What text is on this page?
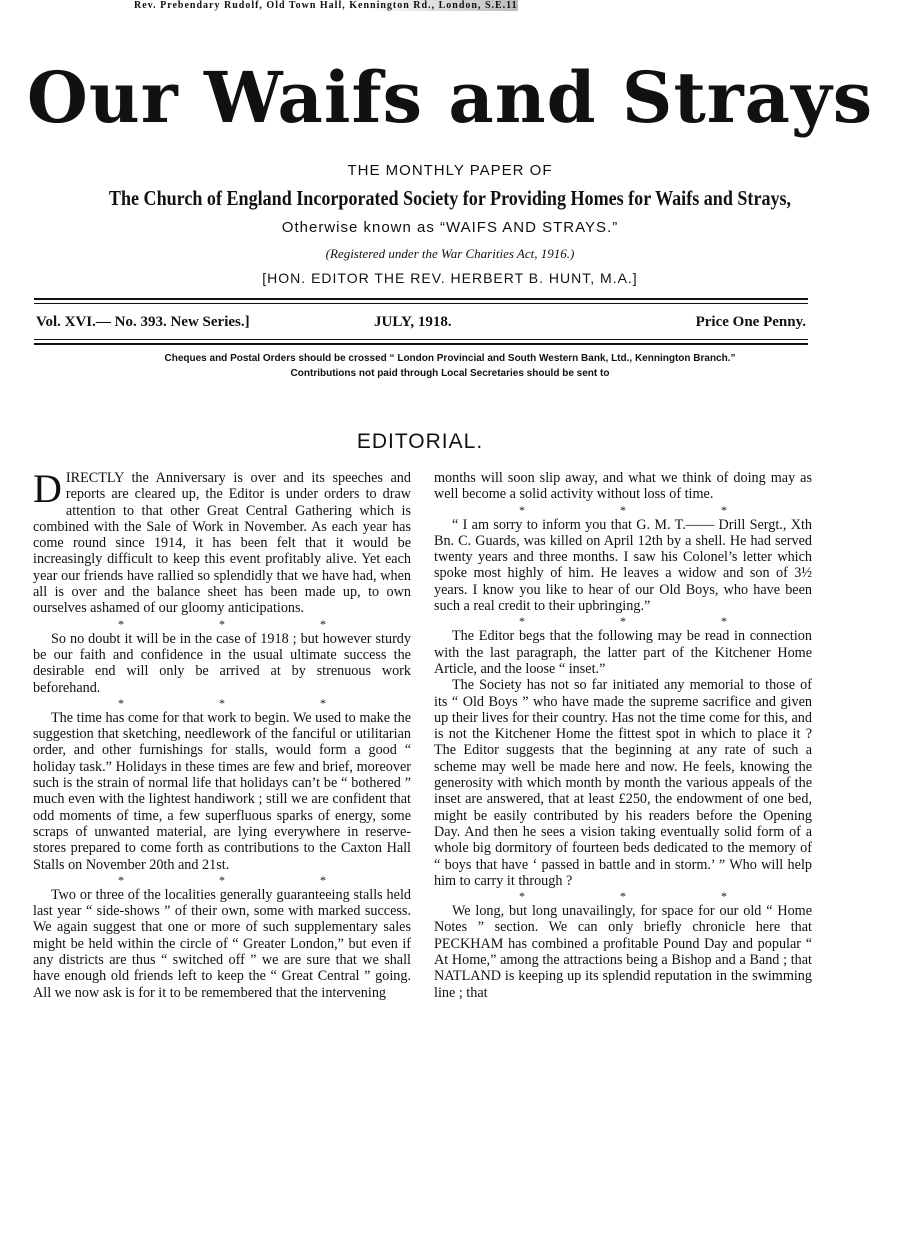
Our Waifs and Strays
THE MONTHLY PAPER OF
The Church of England Incorporated Society for Providing Homes for Waifs and Strays,
Otherwise known as “WAIFS AND STRAYS.”
(Registered under the War Charities Act, 1916.)
[HON. EDITOR THE REV. HERBERT B. HUNT, M.A.]
Vol. XVI.— No. 393. New Series.]	JULY, 1918.	Price One Penny.
Cheques and Postal Orders should be crossed “ London Provincial and South Western Bank, Ltd., Kennington Branch.”
Contributions not paid through Local Secretaries should be sent to
Rev. Prebendary Rudolf, Old Town Hall, Kennington Rd., London, S.E.11
EDITORIAL.

DIRECTLY the Anniversary is over and its speeches and reports are cleared up, the Editor is under orders to draw attention to that other Great Central Gathering which is combined with the Sale of Work in November. As each year has come round since 1914, it has been felt that it would be increasingly difficult to keep this event profitably alive. Yet each year our friends have rallied so splendidly that we have had, when all is over and the balance sheet has been made up, to own ourselves ashamed of our gloomy anticipations.

* * *

So no doubt it will be in the case of 1918 ; but however sturdy be our faith and confidence in the usual ultimate success the desirable end will only be arrived at by strenuous work beforehand.

* * *

The time has come for that work to begin. We used to make the suggestion that sketching, needlework of the fanciful or utilitarian order, and other furnishings for stalls, would form a good “ holiday task.” Holidays in these times are few and brief, moreover such is the strain of normal life that holidays can’t be “ bothered ” much even with the lightest handiwork ; still we are confident that odd moments of time, a few superfluous sparks of energy, some scraps of unwanted material, are lying everywhere in reserve-stores prepared to come forth as contributions to the Caxton Hall Stalls on November 20th and 21st.

* * *

Two or three of the localities generally guaranteeing stalls held last year “ side-shows ” of their own, some with marked success. We again suggest that one or more of such supplementary sales might be held within the circle of “ Greater London,” but even if any districts are thus “ switched off ” we are sure that we shall have enough old friends left to keep the “ Great Central ” going. All we now ask is for it to be remembered that the intervening

months will soon slip away, and what we think of doing may as well become a solid activity without loss of time.

* * *

“ I am sorry to inform you that G. M. T.—— Drill Sergt., Xth Bn. C. Guards, was killed on April 12th by a shell. He had served twenty years and three months. I saw his Colonel’s letter which spoke most highly of him. He leaves a widow and son of 3½ years. I know you like to hear of our Old Boys, who have been such a real credit to their upbringing.”

* * *

The Editor begs that the following may be read in connection with the last paragraph, the latter part of the Kitchener Home Article, and the loose “ inset.”

The Society has not so far initiated any memorial to those of its “ Old Boys ” who have made the supreme sacrifice and given up their lives for their country. Has not the time come for this, and is not the Kitchener Home the fittest spot in which to place it ? The Editor suggests that the beginning at any rate of such a scheme may well be made here and now. He feels, knowing the generosity with which month by month the various appeals of the inset are answered, that at least £250, the endowment of one bed, might be easily contributed by his readers before the Opening Day. And then he sees a vision taking eventually solid form of a whole big dormitory of fourteen beds dedicated to the memory of “ boys that have ‘ passed in battle and in storm.’ ” Who will help him to carry it through ?

* * *

We long, but long unavailingly, for space for our old “ Home Notes ” section. We can only briefly chronicle here that PECKHAM has combined a profitable Pound Day and popular “ At Home,” among the attractions being a Bishop and a Band ; that NATLAND is keeping up its splendid reputation in the swimming line ; that
